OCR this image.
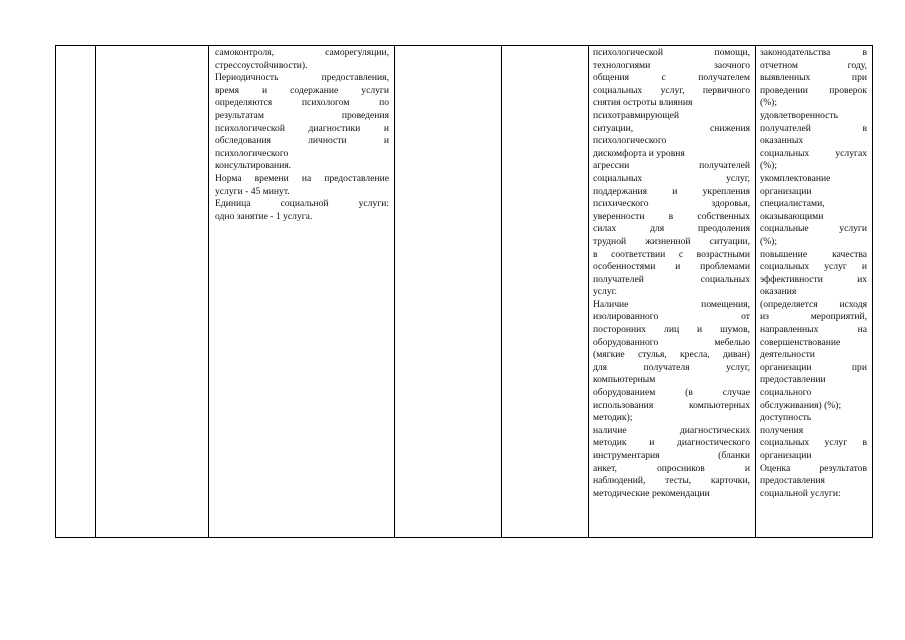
самоконтроля, саморегуляции,
стрессоустойчивости).
Периодичность предоставления,
время и содержание услуги
определяются психологом по
результатам проведения
психологической диагностики и
обследования личности и
психологического
консультирования.
Норма времени на предоставление
услуги - 45 минут.
Единица социальной услуги:
одно занятие - 1 услуга.
психологической помощи,
технологиями заочного
общения с получателем
социальных услуг, первичного
снятия остроты влияния
психотравмирующей
ситуации, снижения
психологического
дискомфорта и уровня
агрессии получателей
социальных услуг,
поддержания и укрепления
психического здоровья,
уверенности в собственных
силах для преодоления
трудной жизненной ситуации,
в соответствии с возрастными
особенностями и проблемами
получателей социальных
услуг.
Наличие помещения,
изолированного от
посторонних лиц и шумов,
оборудованного мебелью
(мягкие стулья, кресла, диван)
для получателя услуг,
компьютерным
оборудованием (в случае
использования компьютерных
методик);
наличие диагностических
методик и диагностического
инструментария (бланки
анкет, опросников и
наблюдений, тесты, карточки,
методические рекомендации
законодательства в
отчетном году,
выявленных при
проведении проверок
(%);
удовлетворенность
получателей в
оказанных
социальных услугах
(%);
укомплектование
организации
специалистами,
оказывающими
социальные услуги
(%);
повышение качества
социальных услуг и
эффективности их
оказания
(определяется исходя
из мероприятий,
направленных на
совершенствование
деятельности
организации при
предоставлении
социального
обслуживания) (%);
доступность
получения
социальных услуг в
организации
Оценка результатов
предоставления
социальной услуги:
